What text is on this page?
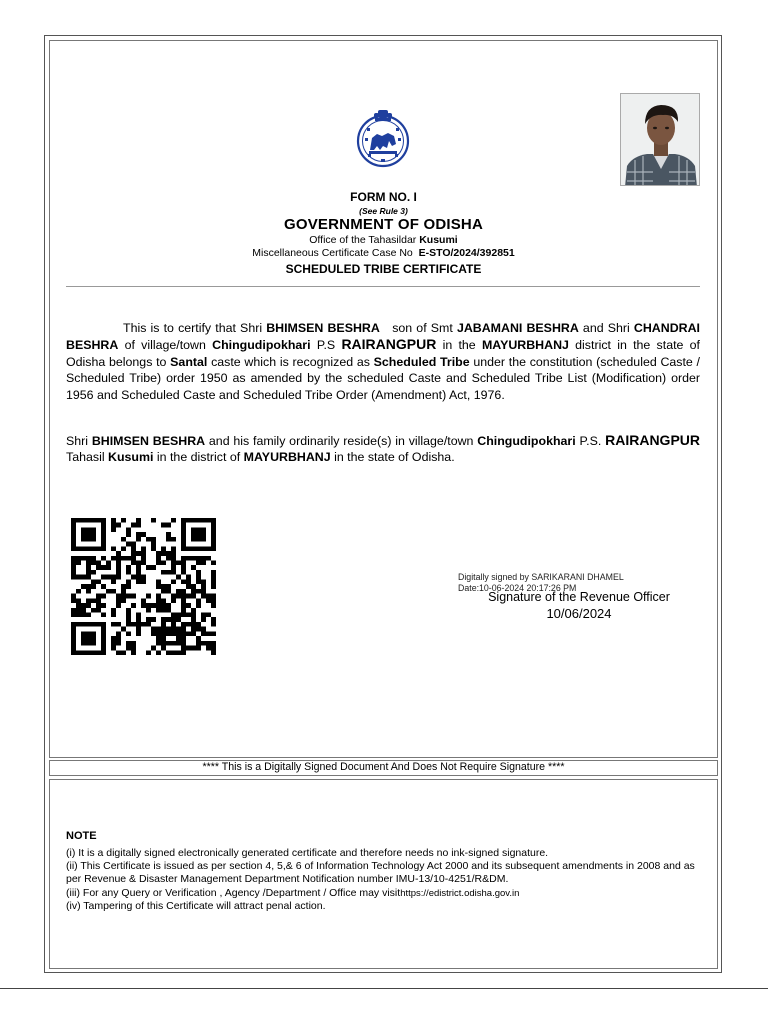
FORM NO. I
(See Rule 3)
GOVERNMENT OF ODISHA
Office of the Tahasildar Kusumi
Miscellaneous Certificate Case No E-STO/2024/392851
SCHEDULED TRIBE CERTIFICATE
This is to certify that Shri BHIMSEN BESHRA   son of Smt JABAMANI BESHRA and Shri CHANDRAI BESHRA of village/town Chingudipokhari P.S RAIRANGPUR in the MAYURBHANJ district in the state of Odisha belongs to Santal caste which is recognized as Scheduled Tribe under the constitution (scheduled Caste / Scheduled Tribe) order 1950 as amended by the scheduled Caste and Scheduled Tribe List (Modification) order 1956 and Scheduled Caste and Scheduled Tribe Order (Amendment) Act, 1976.
Shri BHIMSEN BESHRA and his family ordinarily reside(s) in village/town Chingudipokhari P.S. RAIRANGPUR Tahasil Kusumi in the district of MAYURBHANJ in the state of Odisha.
Digitally signed by SARIKARANI DHAMEL
Date:10-06-2024 20:17:26 PM
Signature of the Revenue Officer
10/06/2024
**** This is a Digitally Signed Document And Does Not Require Signature ****
NOTE
(i) It is a digitally signed electronically generated certificate and therefore needs no ink-signed signature.
(ii) This Certificate is issued as per section 4, 5,& 6 of Information Technology Act 2000 and its subsequent amendments in 2008 and as per Revenue & Disaster Management Department Notification number IMU-13/10-4251/R&DM.
(iii) For any Query or Verification , Agency /Department / Office may visithttps://edistrict.odisha.gov.in
(iv) Tampering of this Certificate will attract penal action.
